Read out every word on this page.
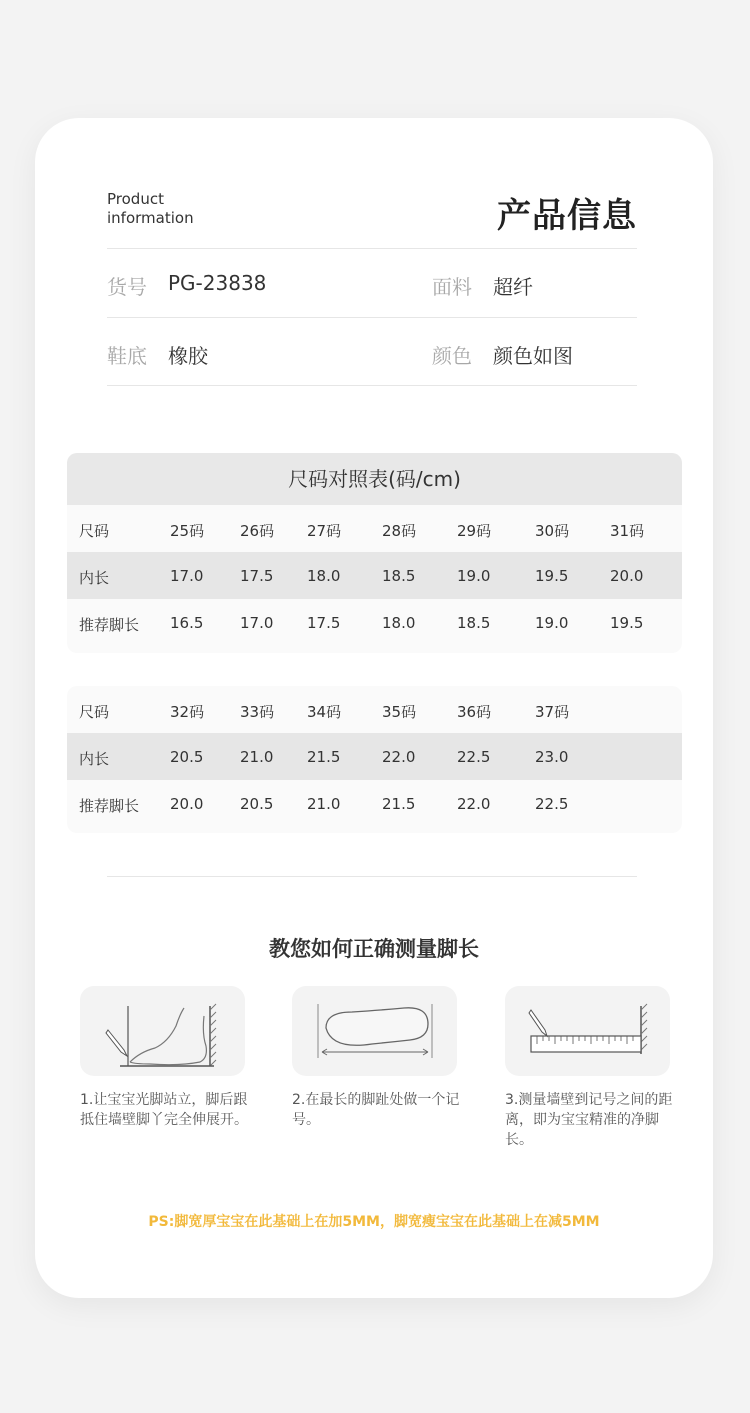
Product
information	产品信息
货号 PG-23838	面料 超纤
鞋底 橡胶	颜色 颜色如图
尺码对照表(码/cm)
尺码	25码 26码 27码	28码	29码	30码	31码
内长	17.0 17.5 18.0	18.5	19.0	19.5	20.0
推荐脚长 16.5 17.0 17.5	18.0	18.5	19.0	19.5
尺码	32码 33码 34码	35码	36码	37码
内长	20.5 21.0 21.5	22.0	22.5	23.0
推荐脚长 20.0 20.5 21.0	21.5	22.0	22.5
教您如何正确测量脚长
1.让宝宝光脚站立，脚后跟抵住墙壁脚丫完全伸展开。
2.在最长的脚趾处做一个记号。
3.测量墙壁到记号之间的距离，即为宝宝精准的净脚长。
PS:脚宽厚宝宝在此基础上在加5MM，脚宽瘦宝宝在此基础上在减5MM
